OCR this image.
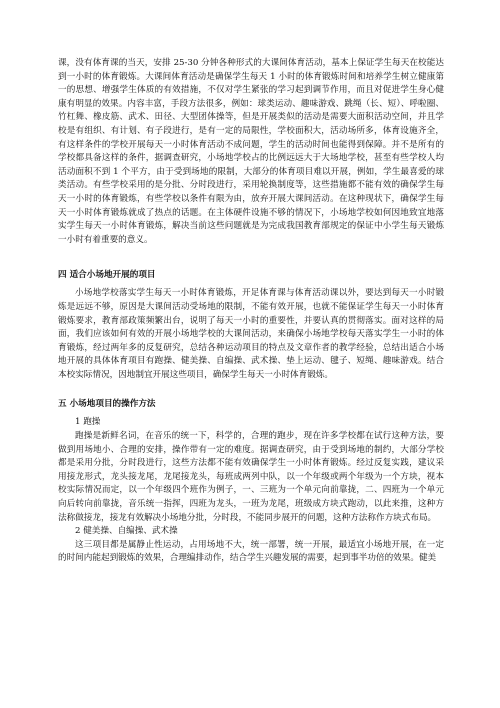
课，没有体育课的当天，安排 25-30 分钟各种形式的大课间体育活动，基本上保证学生每天在校能达到一小时的体育锻炼。大课间体育活动是确保学生每天 1 小时的体育锻炼时间和培养学生树立健康第一的思想、增强学生体质的有效措施，不仅对学生紧张的学习起到调节作用，而且对促进学生身心健康有明显的效果。内容丰富，手段方法很多，例如：球类运动、趣味游戏、跳绳（长、短）、呼啦圈、竹杠舞、橡皮筋、武术、田径、大型团体操等，但是开展类似的活动是需要大面积活动空间，并且学校是有组织、有计划、有子段进行，是有一定的局限性，学校面积大，活动场所多，体育设施齐全，有这样条件的学校开展每天一小时体育活动不成问题，学生的活动时间也能得到保障。并不是所有的学校都具备这样的条件，据调查研究，小场地学校占的比例远远大于大场地学校，甚至有些学校人均活动面积不到 1 个平方，由于受到场地的限制，大部分的体育项目难以开展，例如，学生最喜爱的球类活动。有些学校采用的是分批、分时段进行，采用轮换制度等，这些措施都不能有效的确保学生每天一小时的体育锻炼，有些学校以条件有限为由，放弃开展大课间活动。在这种现状下，确保学生每天一小时体育锻炼就成了热点的话题。在主体硬件设施不够的情况下，小场地学校如何因地致宜地落实学生每天一小时体育锻炼，解决当前这些问题就是为完成我国教育部规定的保证中小学生每天锻炼一小时有着重要的意义。

四 适合小场地开展的项目

小场地学校落实学生每天一小时体育锻炼，开足体育课与体育活动课以外，要达到每天一小时锻炼是远远不够，原因是大课间活动受场地的限制，不能有效开展，也就不能保证学生每天一小时体育锻炼要求，教育部政策频繁出台，说明了每天一小时的重要性，并要认真的贯彻落实。面对这样的局面，我们应该如何有效的开展小场地学校的大课间活动，来确保小场地学校每天落实学生一小时的体育锻炼，经过两年多的反复研究，总结各种运动项目的特点及文章作者的教学经验，总结出适合小场地开展的具体体育项目有跑操、健美操、自编操、武术操、垫上运动、毽子、短绳、趣味游戏。结合本校实际情况，因地制宜开展这些项目，确保学生每天一小时体育锻炼。

五 小场地项目的操作方法
1 跑操

跑操是新鲜名词，在音乐的统一下，科学的，合理的跑步，现在许多学校都在试行这种方法，要做到用场地小、合理的安排，操作带有一定的难度。据调查研究，由于受到场地的制约，大部分学校都是采用分批，分时段进行，这些方法都不能有效确保学生一小时体育锻炼。经过反复实践，建议采用接龙形式，龙头接龙尾，龙尾接龙头，每班成两列中队，以一个年级或两个年级为一个方块，视本校实际情况而定，以一个年级四个班作为例子，一、三班为一个单元向前靠拢，二、四班为一个单元向后转向前靠拢，音乐统一指挥，四班为龙头，一班为龙尾，班级成方块式跑动，以此来推，这种方法称做接龙，接龙有效解决小场地分批，分时段，不能同步展开的问题，这种方法称作方块式布局。

2 健美操、自编操、武术操

这三项目都是属静止性运动，占用场地不大，统一部署，统一开展，最适宜小场地开展，在一定的时间内能起到锻炼的效果，合理编排动作，结合学生兴趣发展的需要，起到事半功倍的效果。健美
